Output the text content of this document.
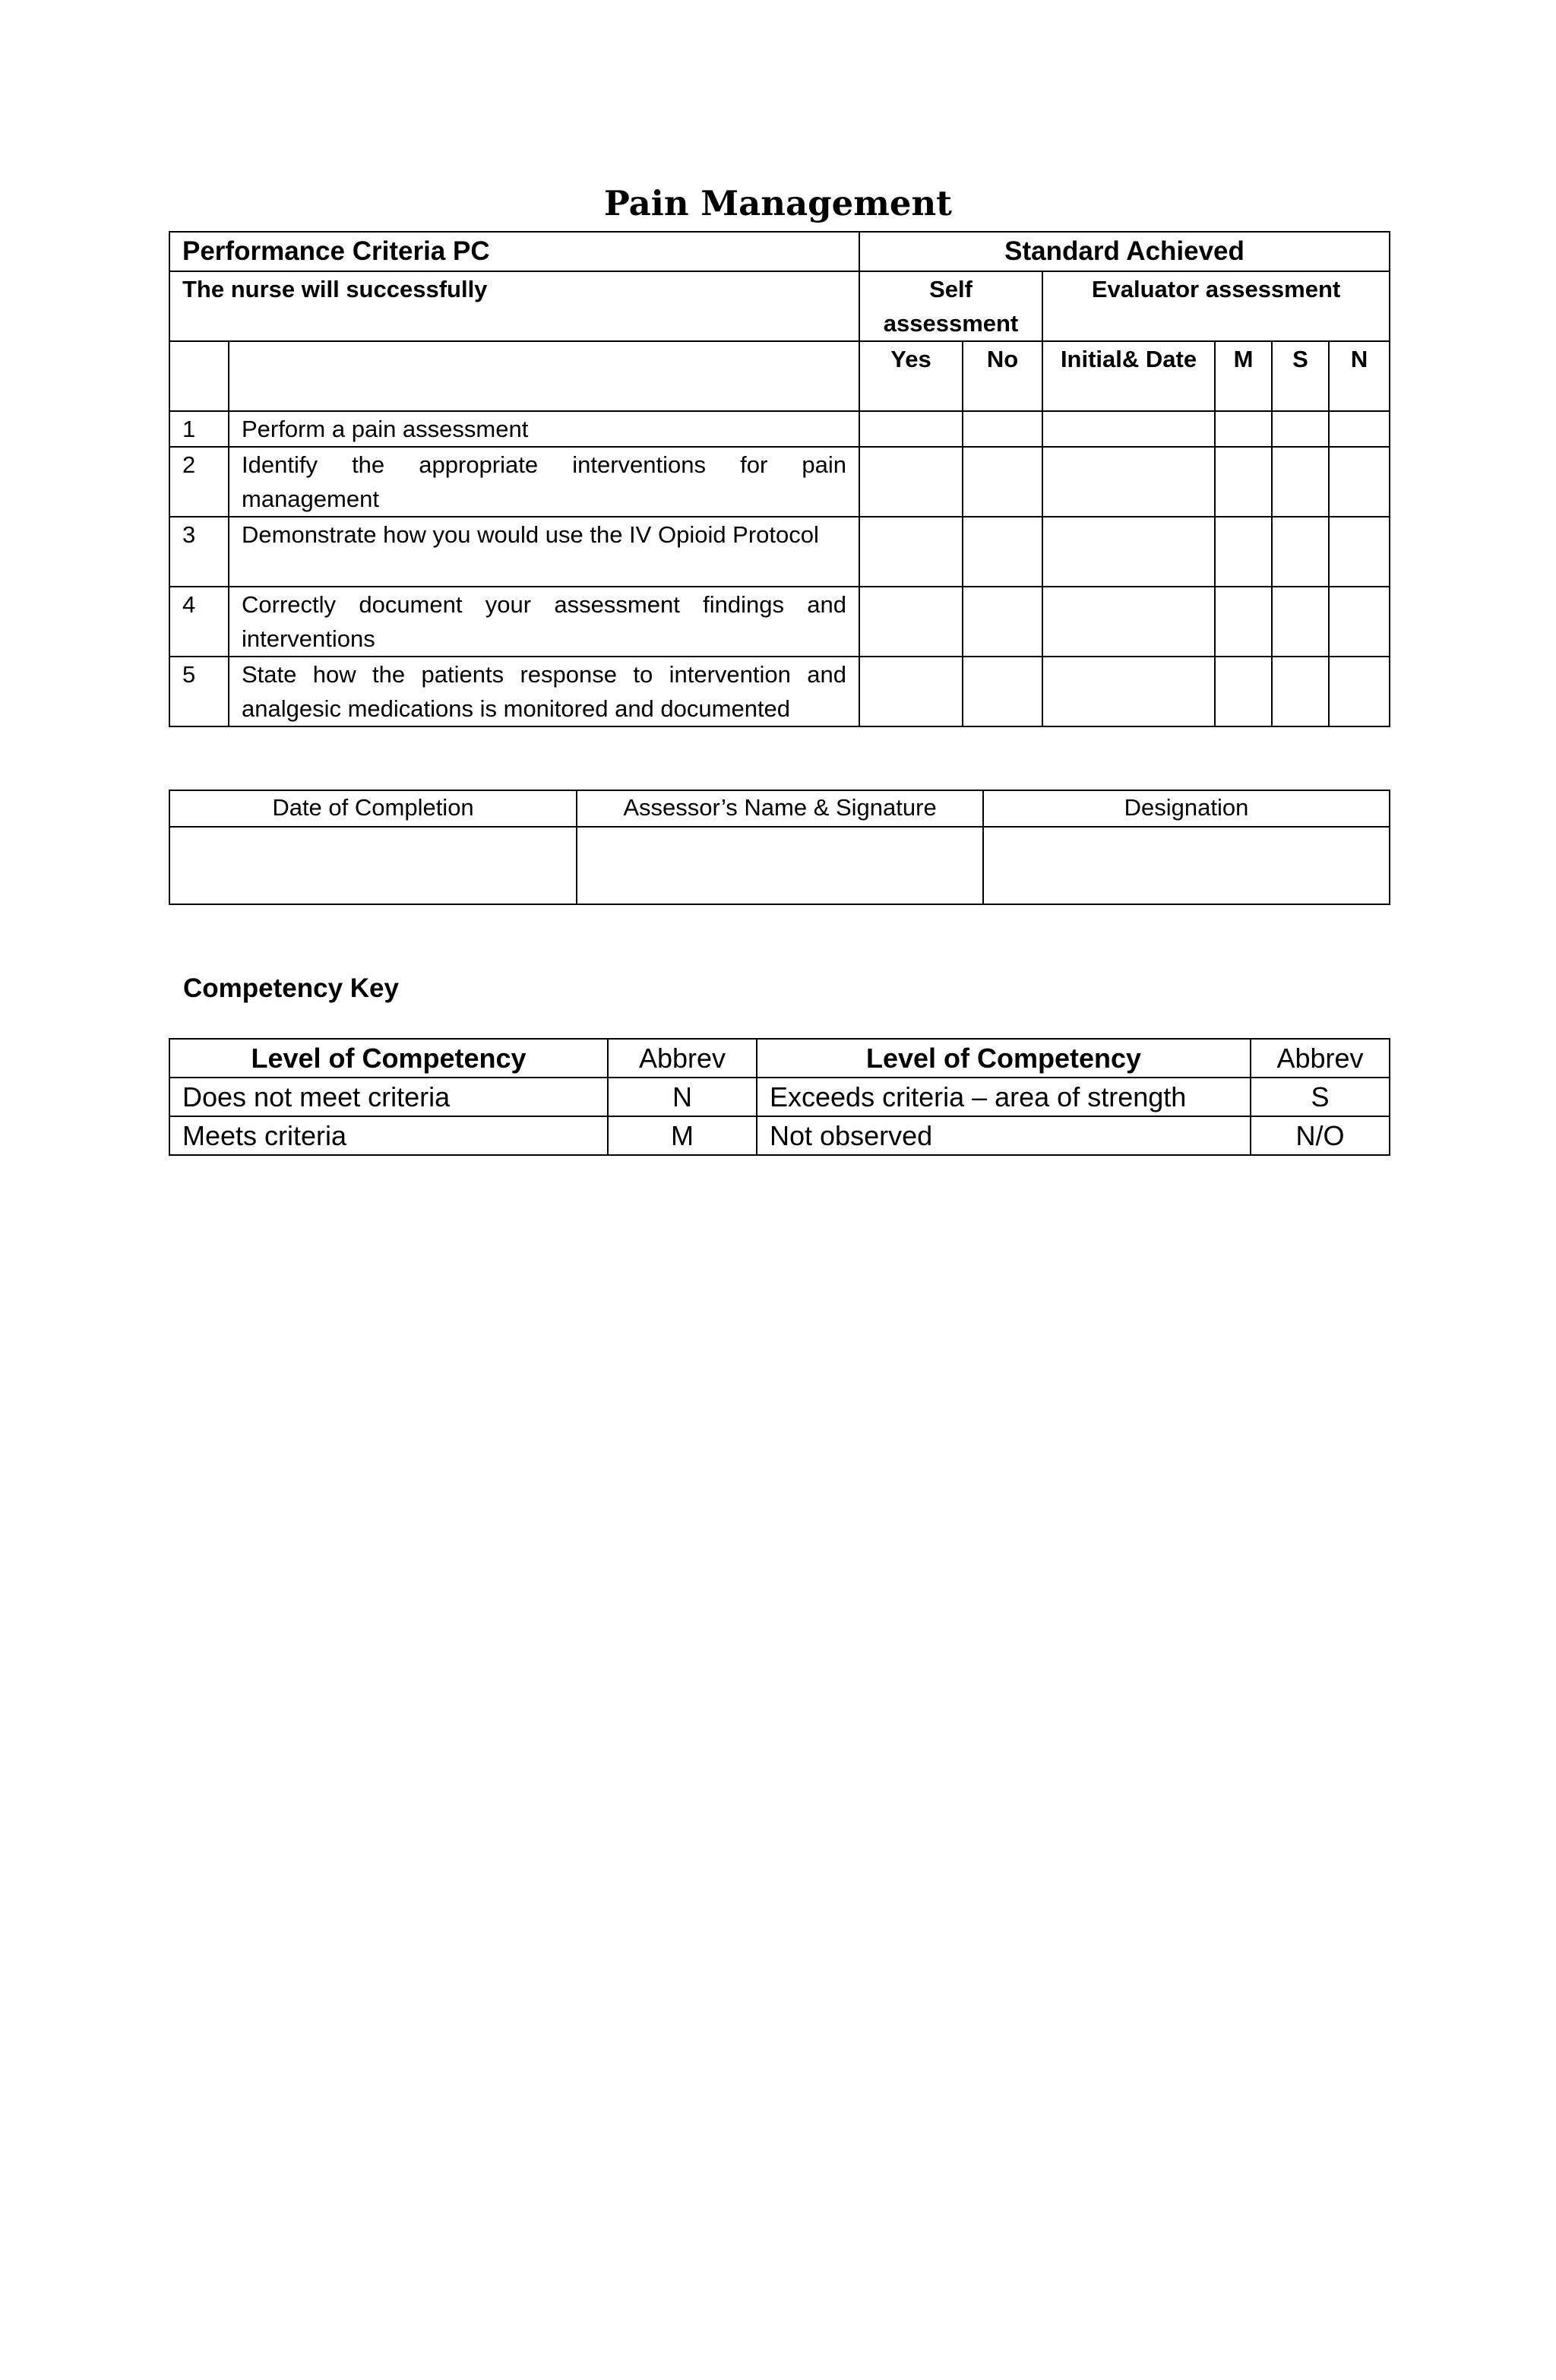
Pain Management
Performance Criteria PC		Standard Achieved					
The nurse will successfully		Self assessment		Evaluator assessment			
		Yes	No	Initial& Date	M	S	N
1	Perform a pain assessment						
2	Identify the appropriate interventions for pain management						
3	Demonstrate how you would use the IV Opioid Protocol						
4	Correctly document your assessment findings and interventions						
5	State how the patients response to intervention and analgesic medications is monitored and documented						
Date of Completion	Assessor’s Name & Signature	Designation

Competency Key
Level of Competency	Abbrev	Level of Competency	Abbrev
Does not meet criteria	N	Exceeds criteria – area of strength	S
Meets criteria	M	Not observed	N/O
